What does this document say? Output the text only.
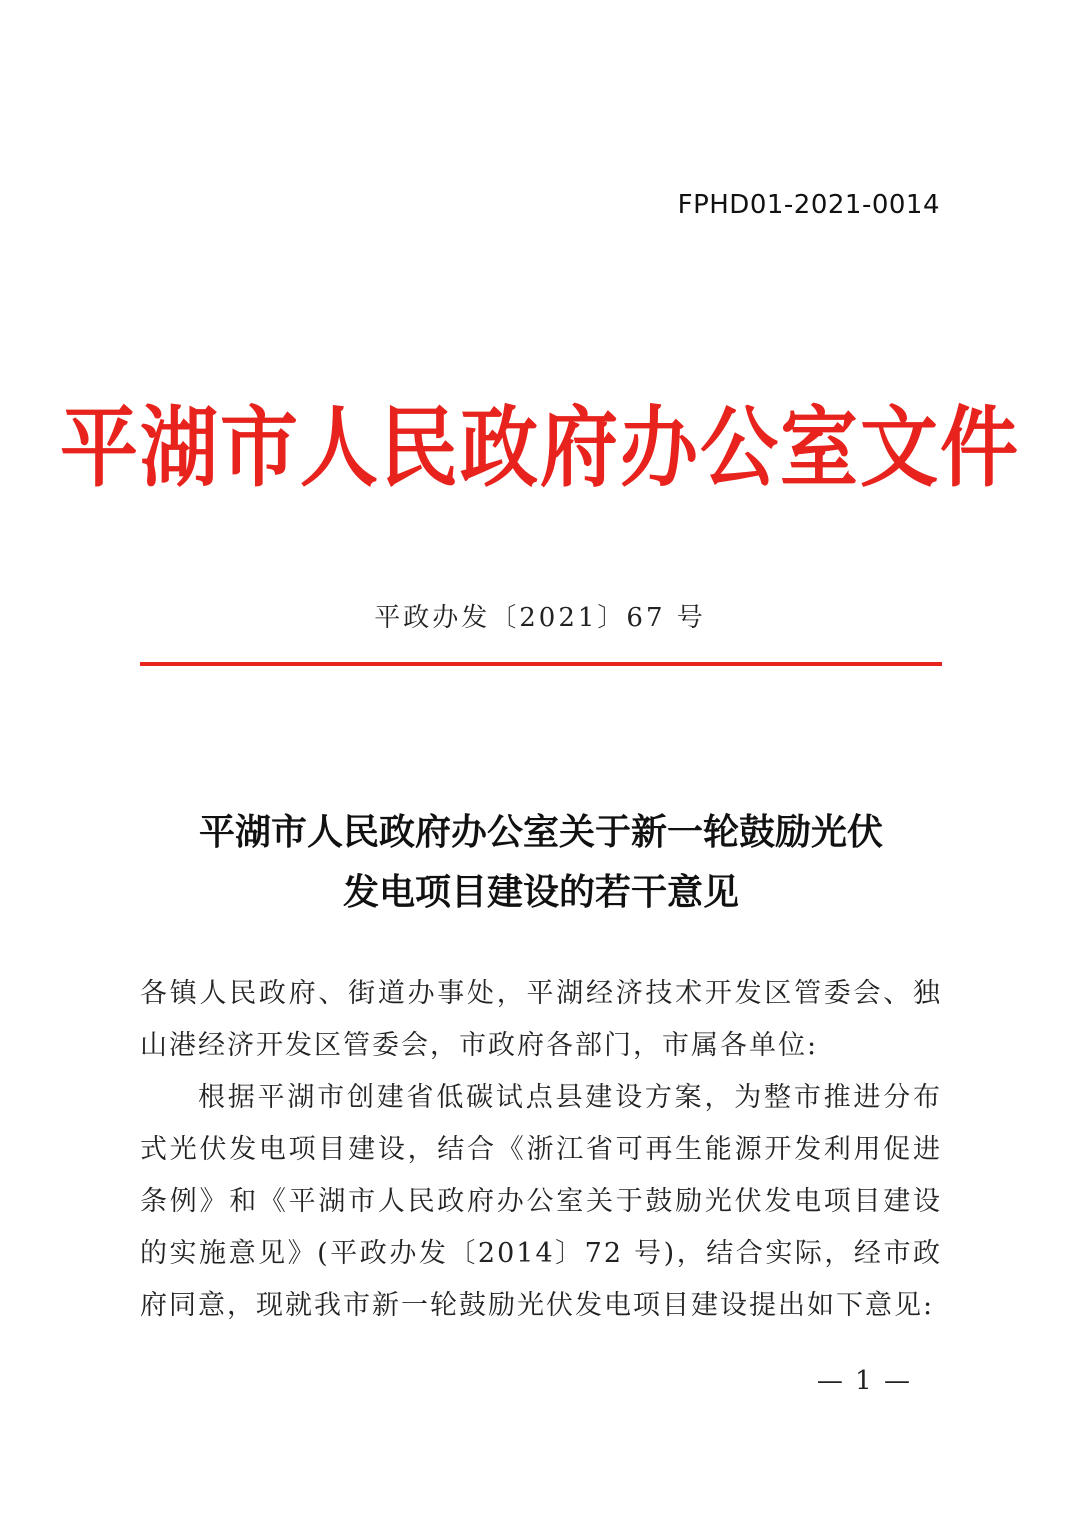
FPHD01-2021-0014
平湖市人民政府办公室文件
平政办发〔2021〕67 号
平湖市人民政府办公室关于新一轮鼓励光伏
发电项目建设的若干意见

各镇人民政府、街道办事处，平湖经济技术开发区管委会、独山港经济开发区管委会，市政府各部门，市属各单位:

根据平湖市创建省低碳试点县建设方案，为整市推进分布式光伏发电项目建设，结合《浙江省可再生能源开发利用促进条例》和《平湖市人民政府办公室关于鼓励光伏发电项目建设的实施意见》(平政办发〔2014〕72 号)，结合实际，经市政府同意，现就我市新一轮鼓励光伏发电项目建设提出如下意见:

— 1 —
